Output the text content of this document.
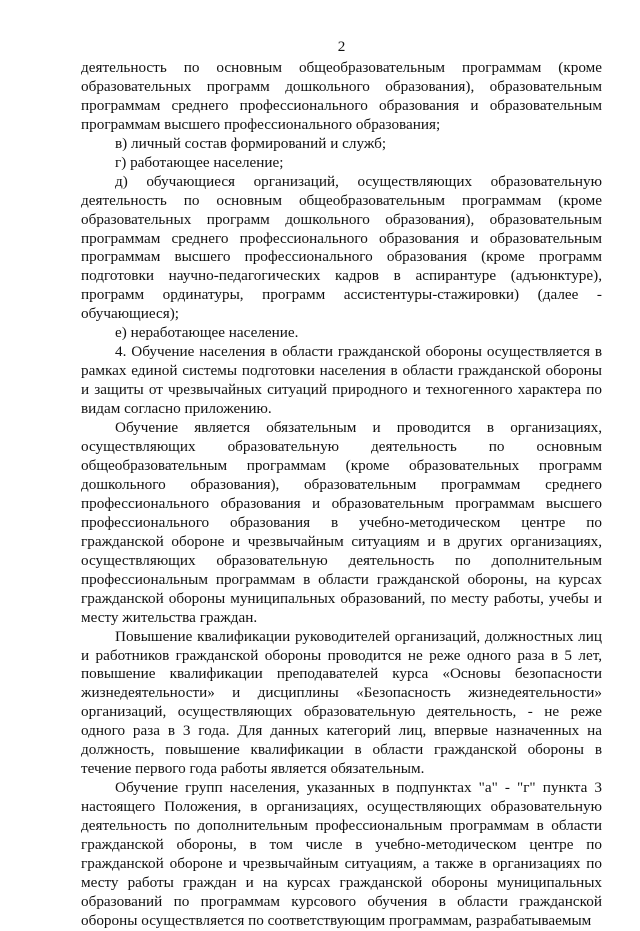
2

деятельность по основным общеобразовательным программам (кроме образовательных программ дошкольного образования), образовательным программам среднего профессионального образования и образовательным программам высшего профессионального образования;

в) личный состав формирований и служб;

г) работающее население;

д) обучающиеся организаций, осуществляющих образовательную деятельность по основным общеобразовательным программам (кроме образовательных программ дошкольного образования), образовательным программам среднего профессионального образования и образовательным программам высшего профессионального образования (кроме программ подготовки научно-педагогических кадров в аспирантуре (адъюнктуре), программ ординатуры, программ ассистентуры-стажировки) (далее - обучающиеся);

е) неработающее население.

4. Обучение населения в области гражданской обороны осуществляется в рамках единой системы подготовки населения в области гражданской обороны и защиты от чрезвычайных ситуаций природного и техногенного характера по видам согласно приложению.

Обучение является обязательным и проводится в организациях, осуществляющих образовательную деятельность по основным общеобразовательным программам (кроме образовательных программ дошкольного образования), образовательным программам среднего профессионального образования и образовательным программам высшего профессионального образования в учебно-методическом центре по гражданской обороне и чрезвычайным ситуациям и в других организациях, осуществляющих образовательную деятельность по дополнительным профессиональным программам в области гражданской обороны, на курсах гражданской обороны муниципальных образований, по месту работы, учебы и месту жительства граждан.

Повышение квалификации руководителей организаций, должностных лиц и работников гражданской обороны проводится не реже одного раза в 5 лет, повышение квалификации преподавателей курса «Основы безопасности жизнедеятельности» и дисциплины «Безопасность жизнедеятельности» организаций, осуществляющих образовательную деятельность, - не реже одного раза в 3 года. Для данных категорий лиц, впервые назначенных на должность, повышение квалификации в области гражданской обороны в течение первого года работы является обязательным.

Обучение групп населения, указанных в подпунктах "а" - "г" пункта 3 настоящего Положения, в организациях, осуществляющих образовательную деятельность по дополнительным профессиональным программам в области гражданской обороны, в том числе в учебно-методическом центре по гражданской обороне и чрезвычайным ситуациям, а также в организациях по месту работы граждан и на курсах гражданской обороны муниципальных образований по программам курсового обучения в области гражданской обороны осуществляется по соответствующим программам, разрабатываемым
